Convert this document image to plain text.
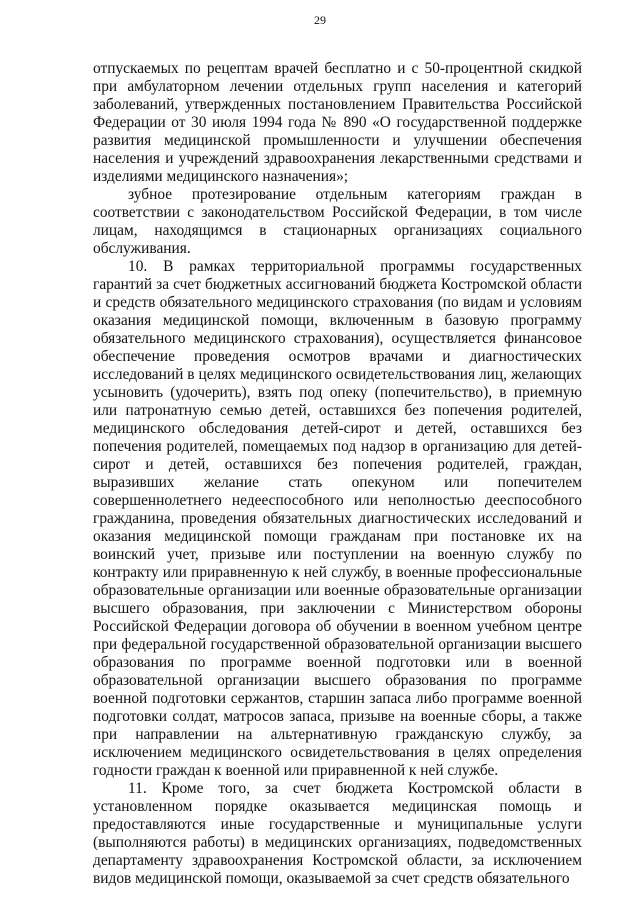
29

отпускаемых по рецептам врачей бесплатно и с 50-процентной скидкой при амбулаторном лечении отдельных групп населения и категорий заболеваний, утвержденных постановлением Правительства Российской Федерации от 30 июля 1994 года № 890 «О государственной поддержке развития медицинской промышленности и улучшении обеспечения населения и учреждений здравоохранения лекарственными средствами и изделиями медицинского назначения»;

зубное протезирование отдельным категориям граждан в соответствии с законодательством Российской Федерации, в том числе лицам, находящимся в стационарных организациях социального обслуживания.

10. В рамках территориальной программы государственных гарантий за счет бюджетных ассигнований бюджета Костромской области и средств обязательного медицинского страхования (по видам и условиям оказания медицинской помощи, включенным в базовую программу обязательного медицинского страхования), осуществляется финансовое обеспечение проведения осмотров врачами и диагностических исследований в целях медицинского освидетельствования лиц, желающих усыновить (удочерить), взять под опеку (попечительство), в приемную или патронатную семью детей, оставшихся без попечения родителей, медицинского обследования детей-сирот и детей, оставшихся без попечения родителей, помещаемых под надзор в организацию для детей-сирот и детей, оставшихся без попечения родителей, граждан, выразивших желание стать опекуном или попечителем совершеннолетнего недееспособного или неполностью дееспособного гражданина, проведения обязательных диагностических исследований и оказания медицинской помощи гражданам при постановке их на воинский учет, призыве или поступлении на военную службу по контракту или приравненную к ней службу, в военные профессиональные образовательные организации или военные образовательные организации высшего образования, при заключении с Министерством обороны Российской Федерации договора об обучении в военном учебном центре при федеральной государственной образовательной организации высшего образования по программе военной подготовки или в военной образовательной организации высшего образования по программе военной подготовки сержантов, старшин запаса либо программе военной подготовки солдат, матросов запаса, призыве на военные сборы, а также при направлении на альтернативную гражданскую службу, за исключением медицинского освидетельствования в целях определения годности граждан к военной или приравненной к ней службе.

11. Кроме того, за счет бюджета Костромской области в установленном порядке оказывается медицинская помощь и предоставляются иные государственные и муниципальные услуги (выполняются работы) в медицинских организациях, подведомственных департаменту здравоохранения Костромской области, за исключением видов медицинской помощи, оказываемой за счет средств обязательного
